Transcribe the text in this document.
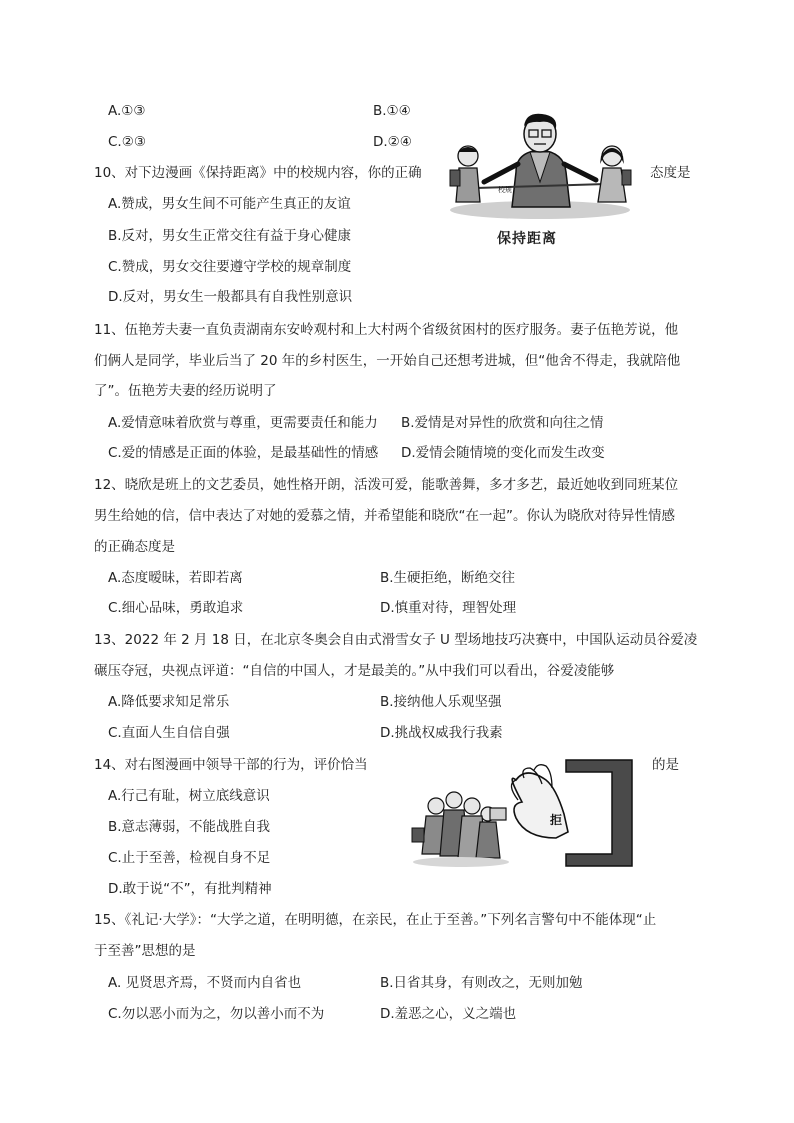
A.①③	B.①④
C.②③	D.②④
10、对下边漫画《保持距离》中的校规内容，你的正确	态度是
A.赞成，男女生间不可能产生真正的友谊
B.反对，男女生正常交往有益于身心健康
C.赞成，男女交往要遵守学校的规章制度
D.反对，男女生一般都具有自我性别意识
校规
保持距离
11、伍艳芳夫妻一直负责湖南东安岭观村和上大村两个省级贫困村的医疗服务。妻子伍艳芳说，他
们俩人是同学，毕业后当了 20 年的乡村医生，一开始自己还想考进城，但“他舍不得走，我就陪他
了”。伍艳芳夫妻的经历说明了
A.爱情意味着欣赏与尊重，更需要责任和能力 B.爱情是对异性的欣赏和向往之情
C.爱的情感是正面的体验，是最基础性的情感 D.爱情会随情境的变化而发生改变
12、晓欣是班上的文艺委员，她性格开朗，活泼可爱，能歌善舞，多才多艺，最近她收到同班某位
男生给她的信，信中表达了对她的爱慕之情，并希望能和晓欣“在一起”。你认为晓欣对待异性情感
的正确态度是
A.态度暧昧，若即若离	B.生硬拒绝，断绝交往
C.细心品味，勇敢追求	D.慎重对待，理智处理
13、2022 年 2 月 18 日，在北京冬奥会自由式滑雪女子 U 型场地技巧决赛中，中国队运动员谷爱凌
碾压夺冠，央视点评道：“自信的中国人，才是最美的。”从中我们可以看出，谷爱凌能够
A.降低要求知足常乐	B.接纳他人乐观坚强
C.直面人生自信自强	D.挑战权威我行我素
14、对右图漫画中领导干部的行为，评价恰当	的是
A.行己有耻，树立底线意识
B.意志薄弱，不能战胜自我
C.止于至善，检视自身不足
D.敢于说“不”，有批判精神
拒
15、《礼记·大学》：“大学之道，在明明德，在亲民，在止于至善。”下列名言警句中不能体现“止
于至善”思想的是
A. 见贤思齐焉，不贤而内自省也	B.日省其身，有则改之，无则加勉
C.勿以恶小而为之，勿以善小而不为	D.羞恶之心，义之端也
